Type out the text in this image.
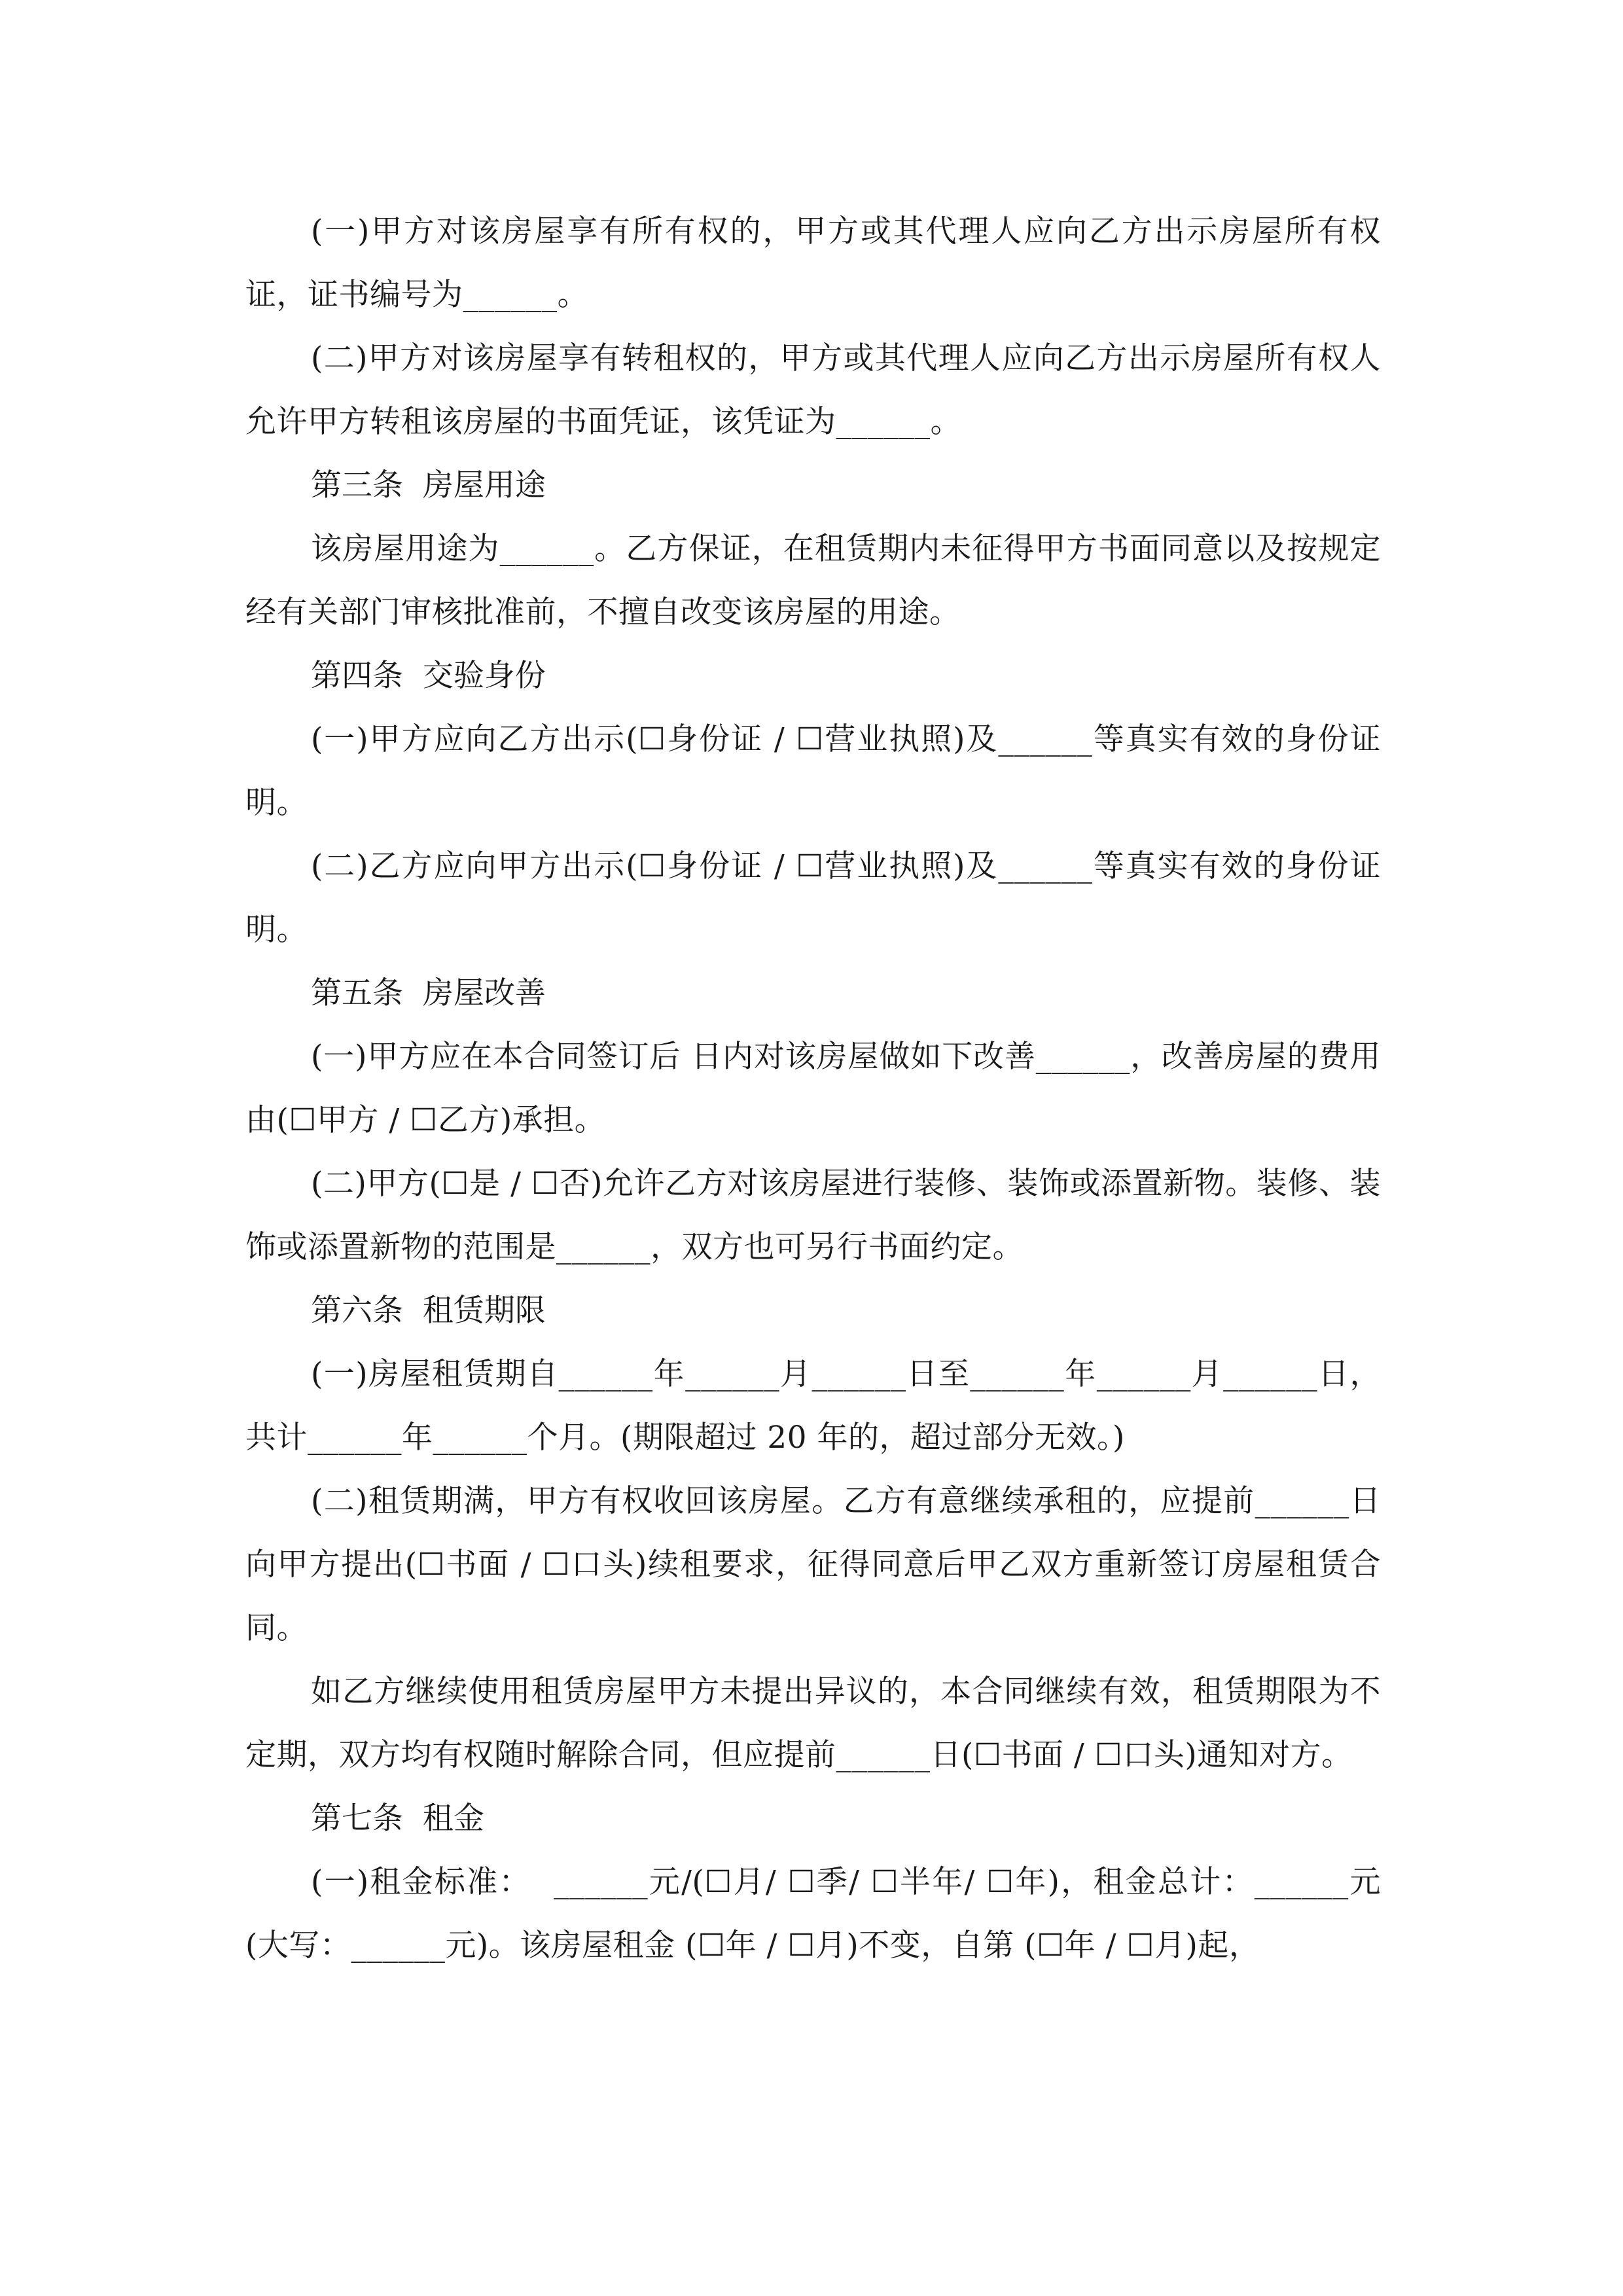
(一)甲方对该房屋享有所有权的，甲方或其代理人应向乙方出示房屋所有权证，证书编号为______。

(二)甲方对该房屋享有转租权的，甲方或其代理人应向乙方出示房屋所有权人允许甲方转租该房屋的书面凭证，该凭证为______。

第三条  房屋用途

该房屋用途为______。乙方保证，在租赁期内未征得甲方书面同意以及按规定经有关部门审核批准前，不擅自改变该房屋的用途。

第四条  交验身份

(一)甲方应向乙方出示(☐身份证 / ☐营业执照)及______等真实有效的身份证明。

(二)乙方应向甲方出示(☐身份证 / ☐营业执照)及______等真实有效的身份证明。

第五条  房屋改善

(一)甲方应在本合同签订后 日内对该房屋做如下改善______，改善房屋的费用由(☐甲方 / ☐乙方)承担。

(二)甲方(☐是 / ☐否)允许乙方对该房屋进行装修、装饰或添置新物。装修、装饰或添置新物的范围是______，双方也可另行书面约定。

第六条  租赁期限

(一)房屋租赁期自______年______月______日至______年______月______日，共计______年______个月。(期限超过 20 年的，超过部分无效。)

(二)租赁期满，甲方有权收回该房屋。乙方有意继续承租的，应提前______日向甲方提出(☐书面 / ☐口头)续租要求，征得同意后甲乙双方重新签订房屋租赁合同。

如乙方继续使用租赁房屋甲方未提出异议的，本合同继续有效，租赁期限为不定期，双方均有权随时解除合同，但应提前______日(☐书面 / ☐口头)通知对方。

第七条  租金

(一)租金标准：  ______元/(☐月/ ☐季/ ☐半年/ ☐年)，租金总计：______元(大写：______元)。该房屋租金 (☐年 / ☐月)不变，自第 (☐年 / ☐月)起，
